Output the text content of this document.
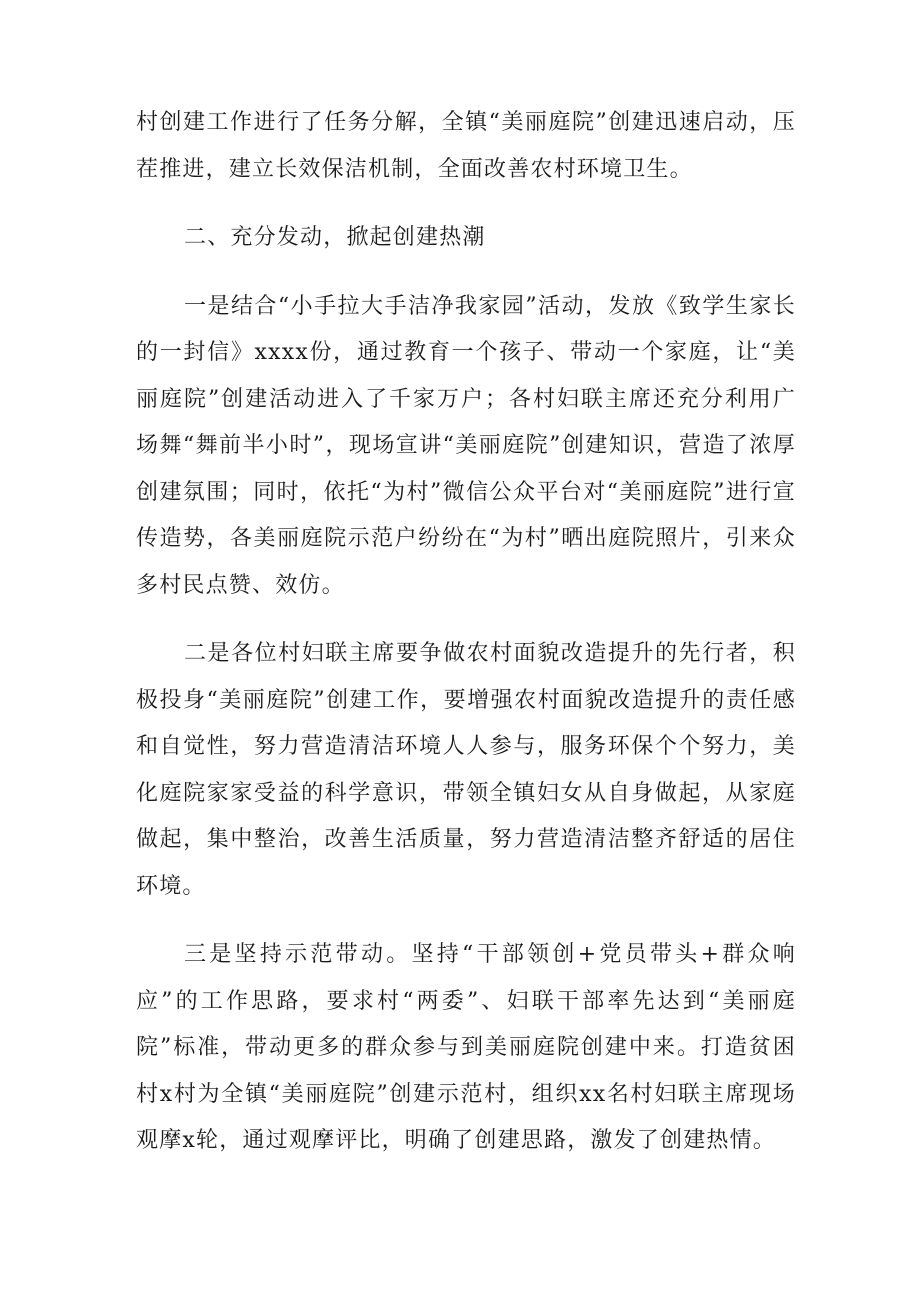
村创建工作进行了任务分解，全镇“美丽庭院”创建迅速启动，压茬推进，建立长效保洁机制，全面改善农村环境卫生。

二、充分发动，掀起创建热潮

一是结合“小手拉大手洁净我家园”活动，发放《致学生家长的一封信》xxxx份，通过教育一个孩子、带动一个家庭，让“美丽庭院”创建活动进入了千家万户；各村妇联主席还充分利用广场舞“舞前半小时”，现场宣讲“美丽庭院”创建知识，营造了浓厚创建氛围；同时，依托“为村”微信公众平台对“美丽庭院”进行宣传造势，各美丽庭院示范户纷纷在“为村”晒出庭院照片，引来众多村民点赞、效仿。

二是各位村妇联主席要争做农村面貌改造提升的先行者，积极投身“美丽庭院”创建工作，要增强农村面貌改造提升的责任感和自觉性，努力营造清洁环境人人参与，服务环保个个努力，美化庭院家家受益的科学意识，带领全镇妇女从自身做起，从家庭做起，集中整治，改善生活质量，努力营造清洁整齐舒适的居住环境。

三是坚持示范带动。坚持“干部领创+党员带头+群众响应”的工作思路，要求村“两委”、妇联干部率先达到“美丽庭院”标准，带动更多的群众参与到美丽庭院创建中来。打造贫困村x村为全镇“美丽庭院”创建示范村，组织xx名村妇联主席现场观摩x轮，通过观摩评比，明确了创建思路，激发了创建热情。
